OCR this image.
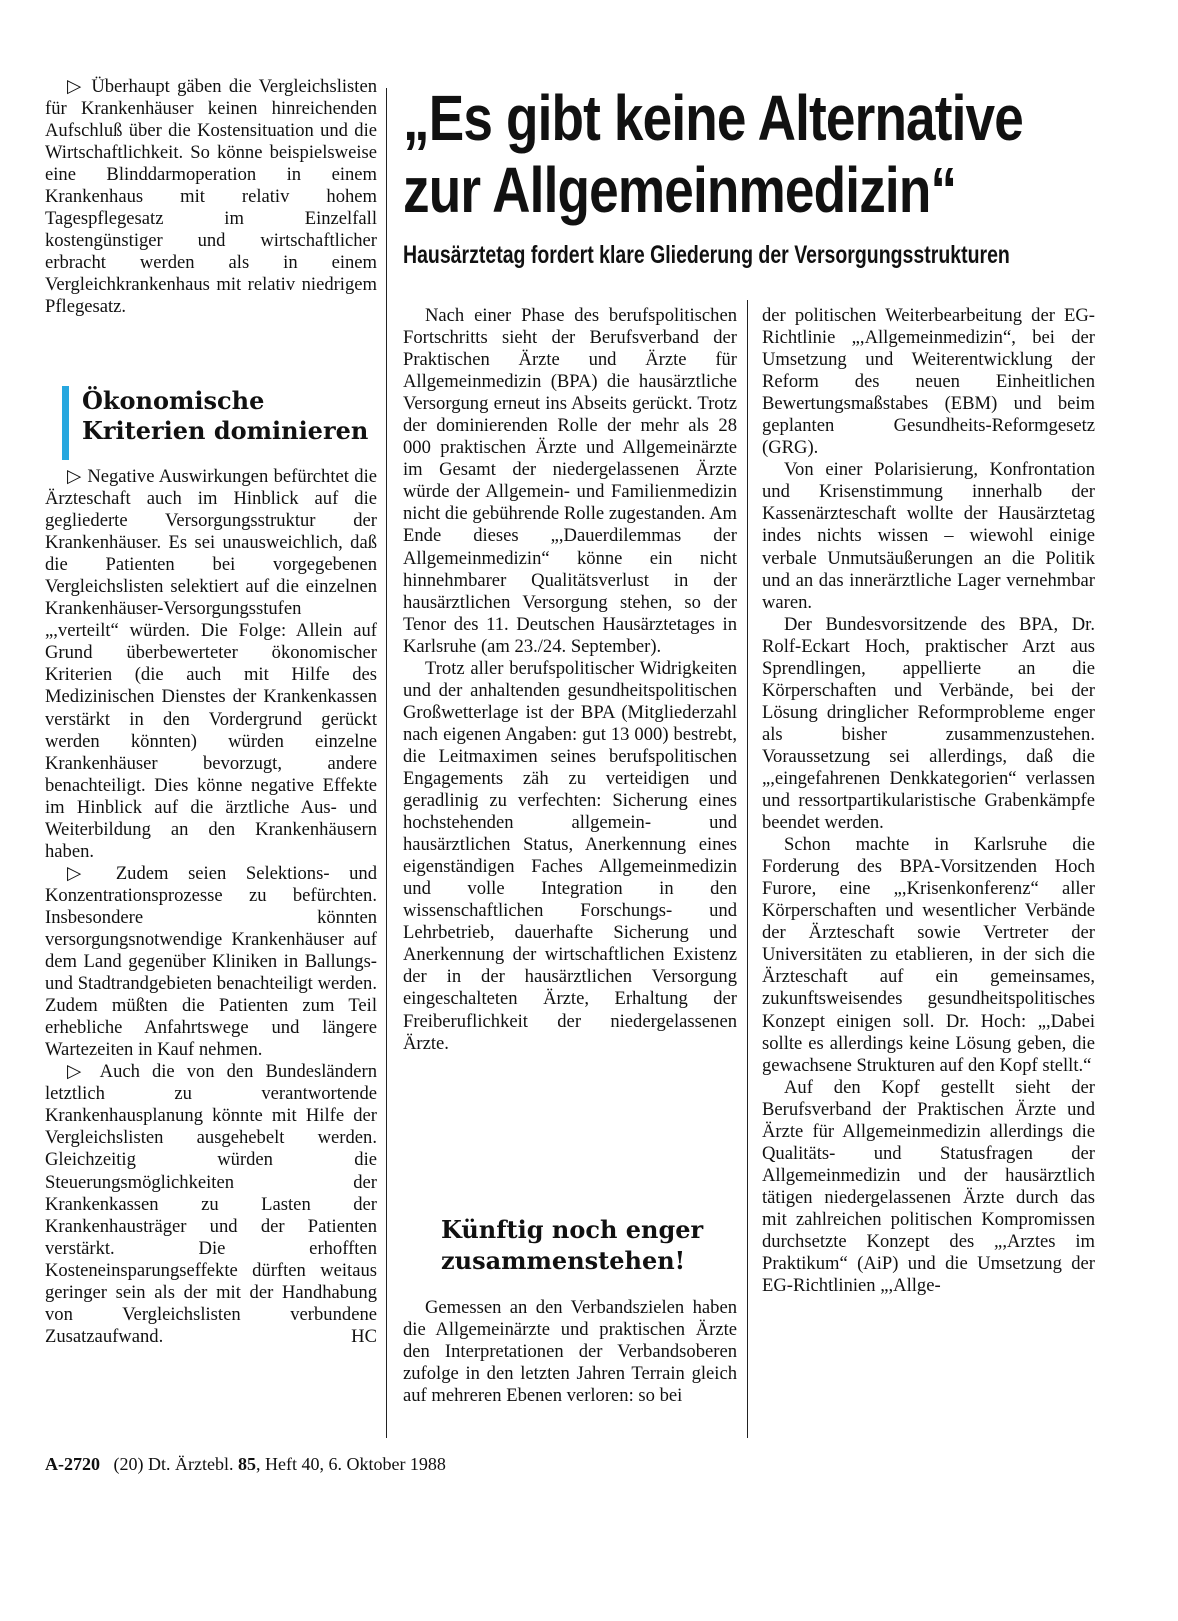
„Es gibt keine Alternative
zur Allgemeinmedizin“
Hausärztetag fordert klare Gliederung der Versorgungsstrukturen

▷ Überhaupt gäben die Vergleichslisten für Krankenhäuser keinen hinreichenden Aufschluß über die Kostensituation und die Wirtschaftlichkeit. So könne beispielsweise eine Blinddarmoperation in einem Krankenhaus mit relativ hohem Tagespflegesatz im Einzelfall kostengünstiger und wirtschaftlicher erbracht werden als in einem Vergleichkrankenhaus mit relativ niedrigem Pflegesatz.

Ökonomische
Kriterien dominieren

▷ Negative Auswirkungen befürchtet die Ärzteschaft auch im Hinblick auf die gegliederte Versorgungsstruktur der Krankenhäuser. Es sei unausweichlich, daß die Patienten bei vorgegebenen Vergleichslisten selektiert auf die einzelnen Krankenhäuser-Versorgungsstufen „,verteilt“ würden. Die Folge: Allein auf Grund überbewerteter ökonomischer Kriterien (die auch mit Hilfe des Medizinischen Dienstes der Krankenkassen verstärkt in den Vordergrund gerückt werden könnten) würden einzelne Krankenhäuser bevorzugt, andere benachteiligt. Dies könne negative Effekte im Hinblick auf die ärztliche Aus- und Weiterbildung an den Krankenhäusern haben.

▷ Zudem seien Selektions- und Konzentrationsprozesse zu befürchten. Insbesondere könnten versorgungsnotwendige Krankenhäuser auf dem Land gegenüber Kliniken in Ballungs- und Stadtrandgebieten benachteiligt werden. Zudem müßten die Patienten zum Teil erhebliche Anfahrtswege und längere Wartezeiten in Kauf nehmen.

▷ Auch die von den Bundesländern letztlich zu verantwortende Krankenhausplanung könnte mit Hilfe der Vergleichslisten ausgehebelt werden. Gleichzeitig würden die Steuerungsmöglichkeiten der Krankenkassen zu Lasten der Krankenhausträger und der Patienten verstärkt. Die erhofften Kosteneinsparungseffekte dürften weitaus geringer sein als der mit der Handhabung von Vergleichslisten verbundene Zusatzaufwand.	HC

Nach einer Phase des berufspolitischen Fortschritts sieht der Berufsverband der Praktischen Ärzte und Ärzte für Allgemeinmedizin (BPA) die hausärztliche Versorgung erneut ins Abseits gerückt. Trotz der dominierenden Rolle der mehr als 28 000 praktischen Ärzte und Allgemeinärzte im Gesamt der niedergelassenen Ärzte würde der Allgemein- und Familienmedizin nicht die gebührende Rolle zugestanden. Am Ende dieses „,Dauerdilemmas der Allgemeinmedizin“ könne ein nicht hinnehmbarer Qualitätsverlust in der hausärztlichen Versorgung stehen, so der Tenor des 11. Deutschen Hausärztetages in Karlsruhe (am 23./24. September).

Trotz aller berufspolitischer Widrigkeiten und der anhaltenden gesundheitspolitischen Großwetterlage ist der BPA (Mitgliederzahl nach eigenen Angaben: gut 13 000) bestrebt, die Leitmaximen seines berufspolitischen Engagements zäh zu verteidigen und geradlinig zu verfechten: Sicherung eines hochstehenden allgemein- und hausärztlichen Status, Anerkennung eines eigenständigen Faches Allgemeinmedizin und volle Integration in den wissenschaftlichen Forschungs- und Lehrbetrieb, dauerhafte Sicherung und Anerkennung der wirtschaftlichen Existenz der in der hausärztlichen Versorgung eingeschalteten Ärzte, Erhaltung der Freiberuflichkeit der niedergelassenen Ärzte.

Künftig noch enger
zusammenstehen!

Gemessen an den Verbandszielen haben die Allgemeinärzte und praktischen Ärzte den Interpretationen der Verbandsoberen zufolge in den letzten Jahren Terrain gleich auf mehreren Ebenen verloren: so bei

der politischen Weiterbearbeitung der EG-Richtlinie „,Allgemeinmedizin“, bei der Umsetzung und Weiterentwicklung der Reform des neuen Einheitlichen Bewertungsmaßstabes (EBM) und beim geplanten Gesundheits-Reformgesetz (GRG).

Von einer Polarisierung, Konfrontation und Krisenstimmung innerhalb der Kassenärzteschaft wollte der Hausärztetag indes nichts wissen – wiewohl einige verbale Unmutsäußerungen an die Politik und an das innerärztliche Lager vernehmbar waren.

Der Bundesvorsitzende des BPA, Dr. Rolf-Eckart Hoch, praktischer Arzt aus Sprendlingen, appellierte an die Körperschaften und Verbände, bei der Lösung dringlicher Reformprobleme enger als bisher zusammenzustehen. Voraussetzung sei allerdings, daß die „,eingefahrenen Denkkategorien“ verlassen und ressortpartikularistische Grabenkämpfe beendet werden.

Schon machte in Karlsruhe die Forderung des BPA-Vorsitzenden Hoch Furore, eine „,Krisenkonferenz“ aller Körperschaften und wesentlicher Verbände der Ärzteschaft sowie Vertreter der Universitäten zu etablieren, in der sich die Ärzteschaft auf ein gemeinsames, zukunftsweisendes gesundheitspolitisches Konzept einigen soll. Dr. Hoch: „,Dabei sollte es allerdings keine Lösung geben, die gewachsene Strukturen auf den Kopf stellt.“

Auf den Kopf gestellt sieht der Berufsverband der Praktischen Ärzte und Ärzte für Allgemeinmedizin allerdings die Qualitäts- und Statusfragen der Allgemeinmedizin und der hausärztlich tätigen niedergelassenen Ärzte durch das mit zahlreichen politischen Kompromissen durchsetzte Konzept des „,Arztes im Praktikum“ (AiP) und die Umsetzung der EG-Richtlinien „,Allge-

A-2720 (20) Dt. Ärztebl. 85, Heft 40, 6. Oktober 1988
